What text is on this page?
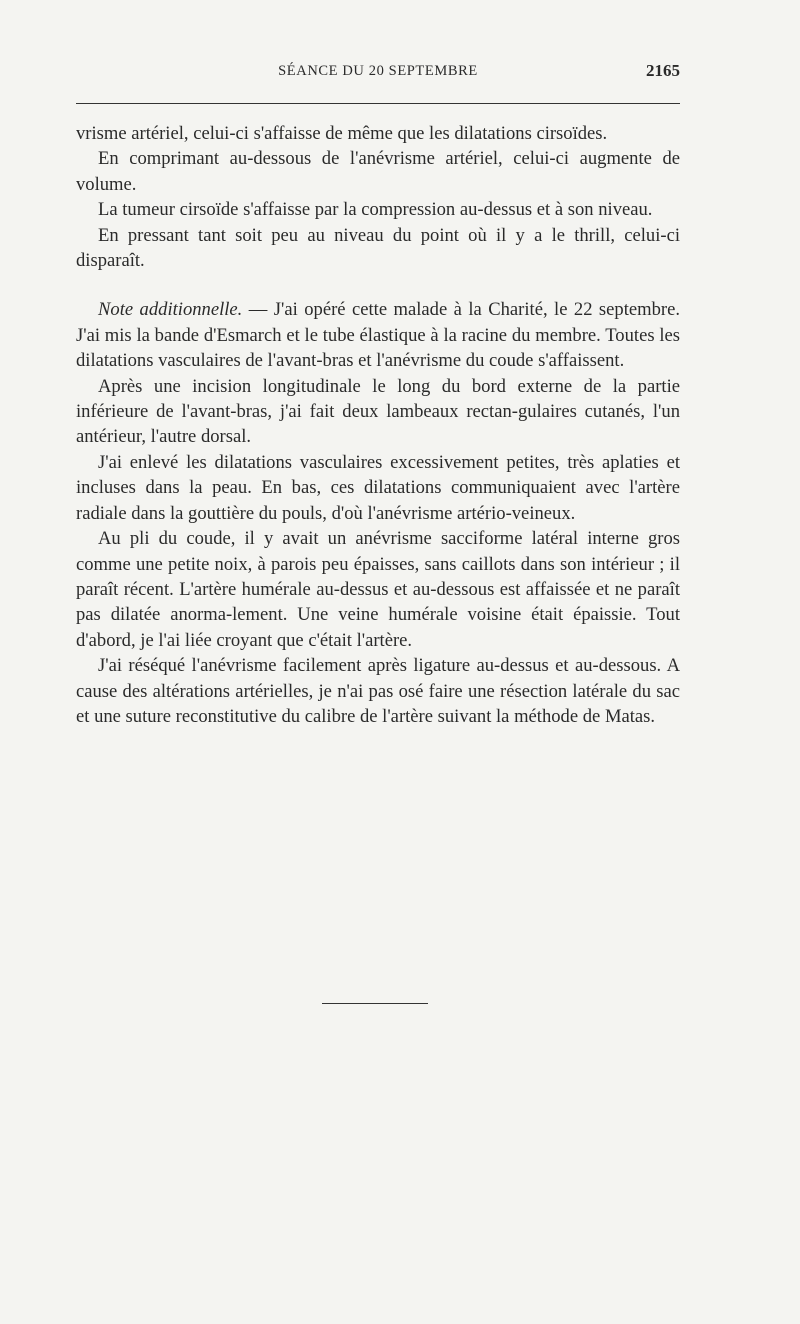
SÉANCE DU 20 SEPTEMBRE	2165

vrisme artériel, celui-ci s'affaisse de même que les dilatations cirsoïdes.

En comprimant au-dessous de l'anévrisme artériel, celui-ci augmente de volume.

La tumeur cirsoïde s'affaisse par la compression au-dessus et à son niveau.

En pressant tant soit peu au niveau du point où il y a le thrill, celui-ci disparaît.

Note additionnelle. — J'ai opéré cette malade à la Charité, le 22 septembre. J'ai mis la bande d'Esmarch et le tube élastique à la racine du membre. Toutes les dilatations vasculaires de l'avant-bras et l'anévrisme du coude s'affaissent.

Après une incision longitudinale le long du bord externe de la partie inférieure de l'avant-bras, j'ai fait deux lambeaux rectan-gulaires cutanés, l'un antérieur, l'autre dorsal.

J'ai enlevé les dilatations vasculaires excessivement petites, très aplaties et incluses dans la peau. En bas, ces dilatations communiquaient avec l'artère radiale dans la gouttière du pouls, d'où l'anévrisme artério-veineux.

Au pli du coude, il y avait un anévrisme sacciforme latéral interne gros comme une petite noix, à parois peu épaisses, sans caillots dans son intérieur ; il paraît récent. L'artère humérale au-dessus et au-dessous est affaissée et ne paraît pas dilatée anorma-lement. Une veine humérale voisine était épaissie. Tout d'abord, je l'ai liée croyant que c'était l'artère.

J'ai réséqué l'anévrisme facilement après ligature au-dessus et au-dessous. A cause des altérations artérielles, je n'ai pas osé faire une résection latérale du sac et une suture reconstitutive du calibre de l'artère suivant la méthode de Matas.
